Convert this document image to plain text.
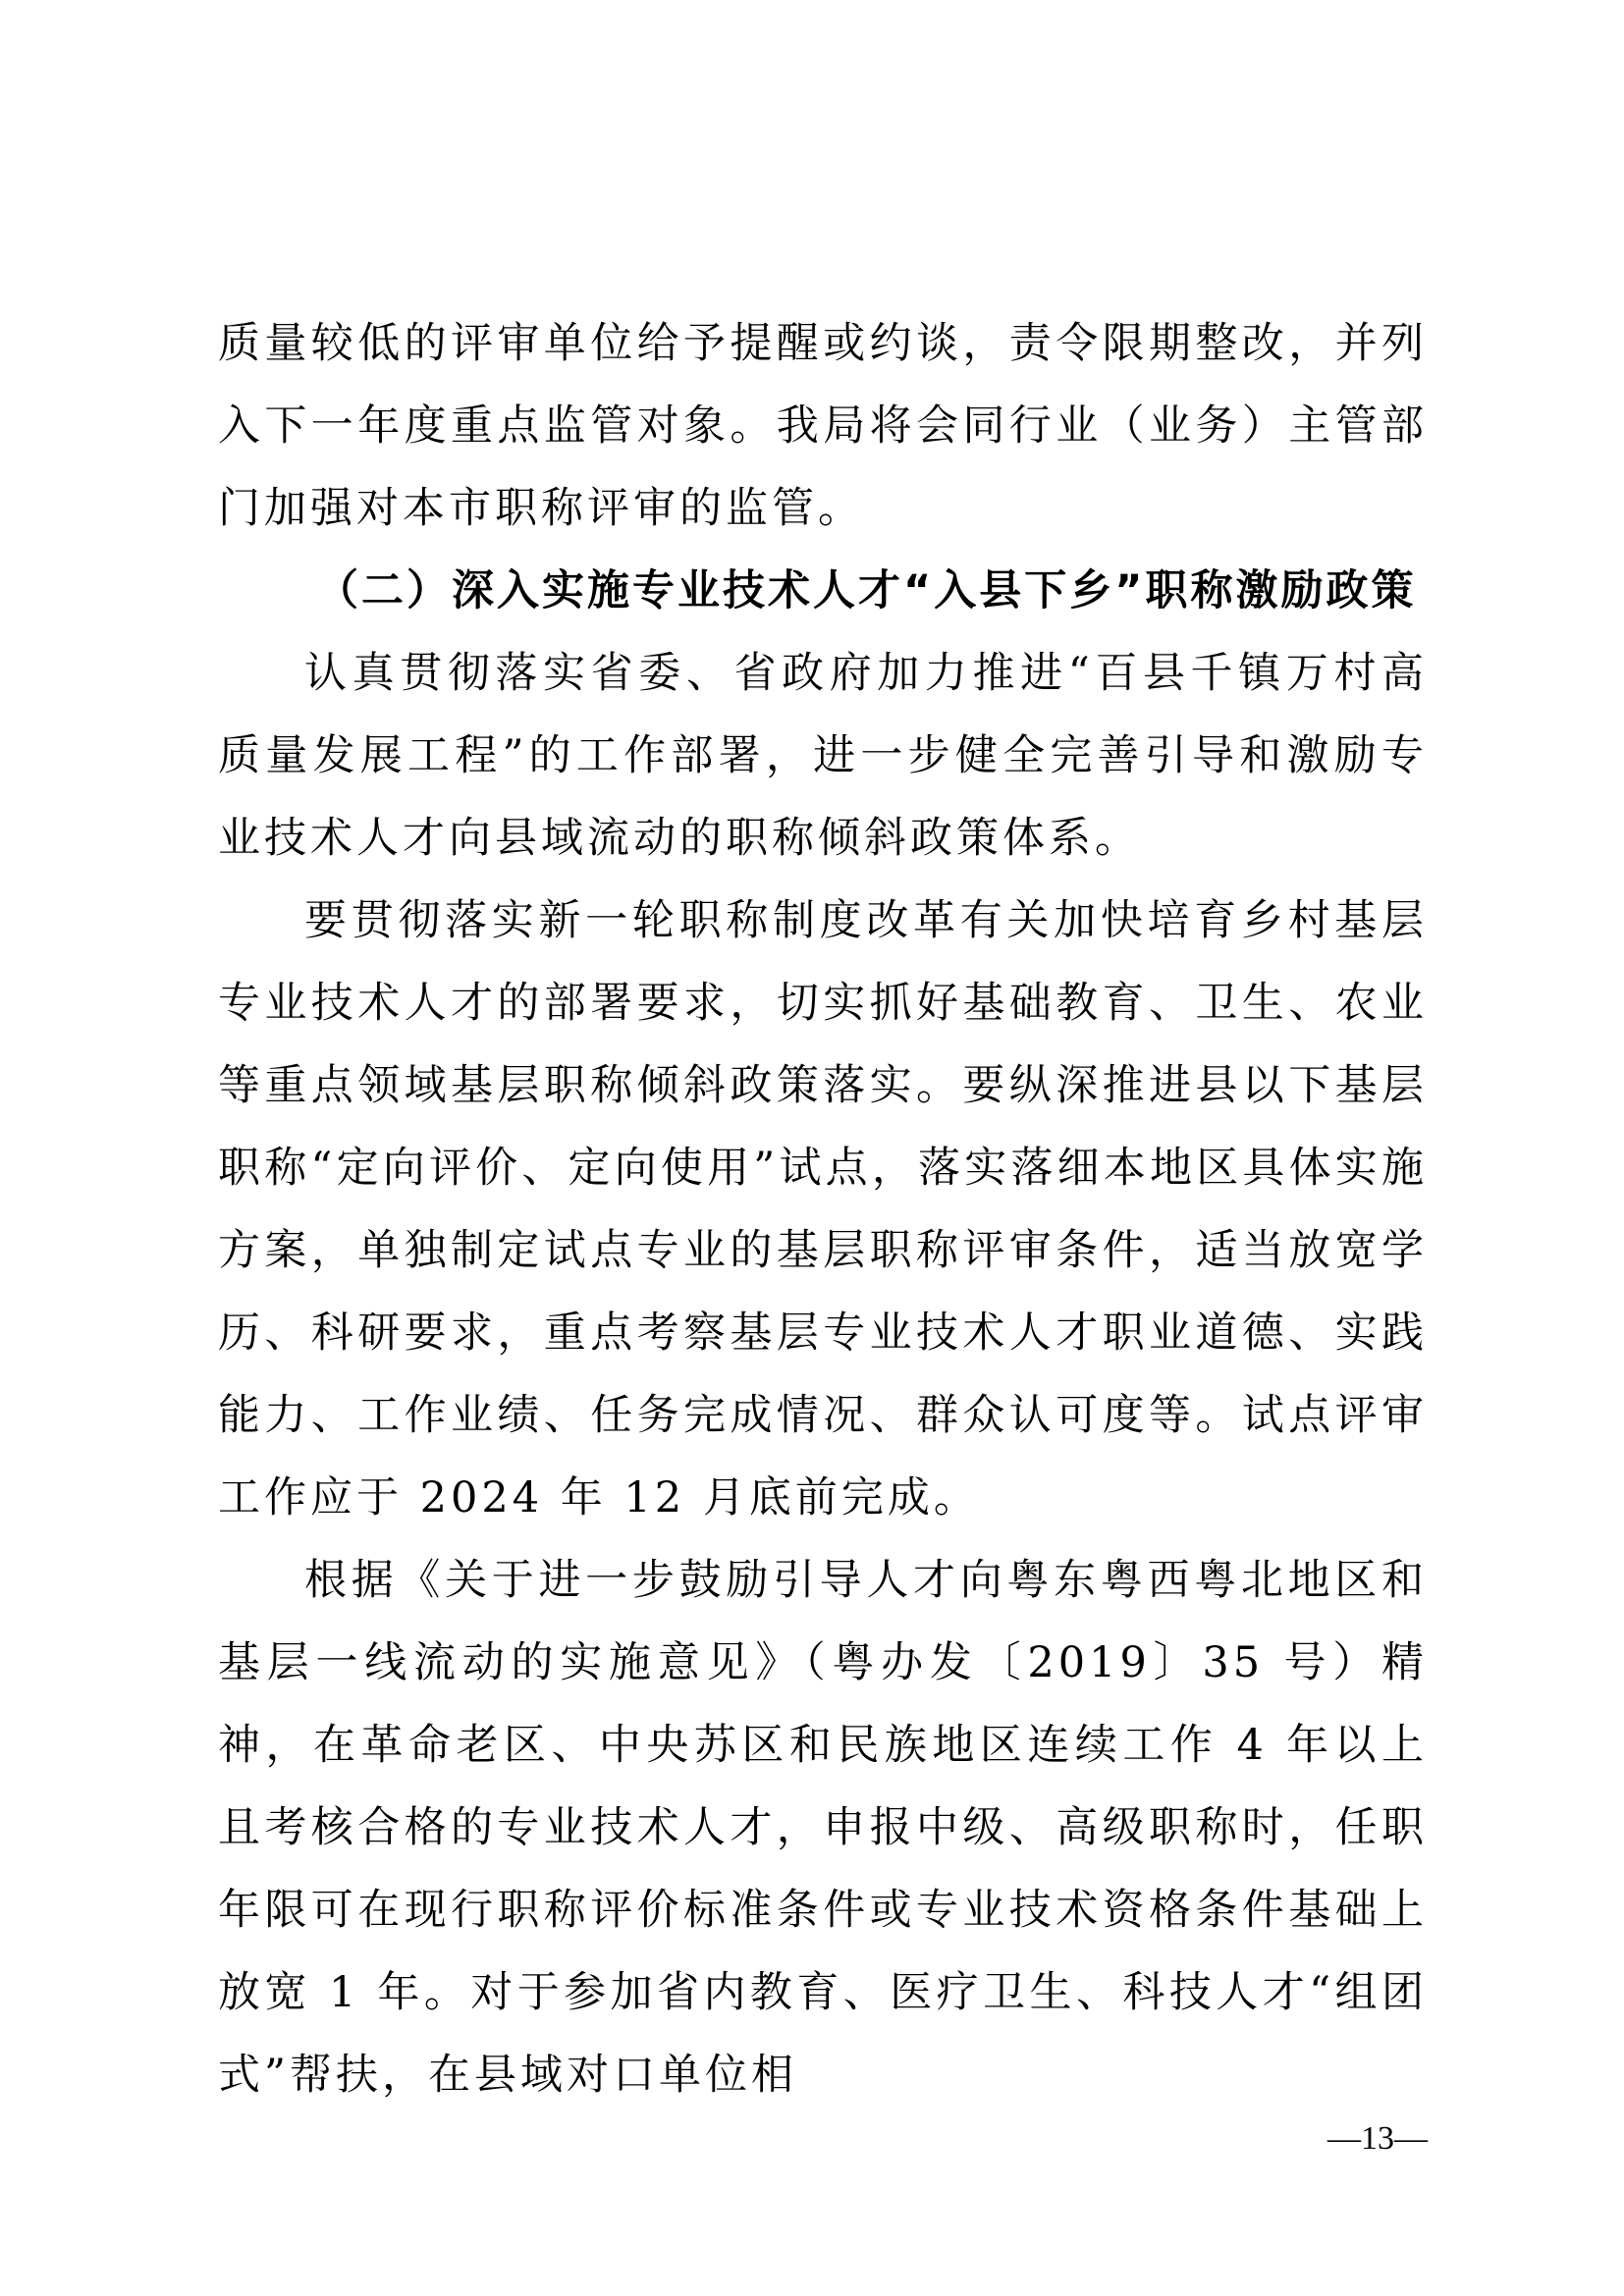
质量较低的评审单位给予提醒或约谈，责令限期整改，并列入下一年度重点监管对象。我局将会同行业（业务）主管部门加强对本市职称评审的监管。

（二）深入实施专业技术人才“入县下乡”职称激励政策

认真贯彻落实省委、省政府加力推进“百县千镇万村高质量发展工程”的工作部署，进一步健全完善引导和激励专业技术人才向县域流动的职称倾斜政策体系。

要贯彻落实新一轮职称制度改革有关加快培育乡村基层专业技术人才的部署要求，切实抓好基础教育、卫生、农业等重点领域基层职称倾斜政策落实。要纵深推进县以下基层职称“定向评价、定向使用”试点，落实落细本地区具体实施方案，单独制定试点专业的基层职称评审条件，适当放宽学历、科研要求，重点考察基层专业技术人才职业道德、实践能力、工作业绩、任务完成情况、群众认可度等。试点评审工作应于 2024 年 12 月底前完成。

根据《关于进一步鼓励引导人才向粤东粤西粤北地区和基层一线流动的实施意见》（粤办发〔2019〕35 号）精神，在革命老区、中央苏区和民族地区连续工作 4 年以上且考核合格的专业技术人才，申报中级、高级职称时，任职年限可在现行职称评价标准条件或专业技术资格条件基础上放宽 1 年。对于参加省内教育、医疗卫生、科技人才“组团式”帮扶，在县域对口单位相

—13—
